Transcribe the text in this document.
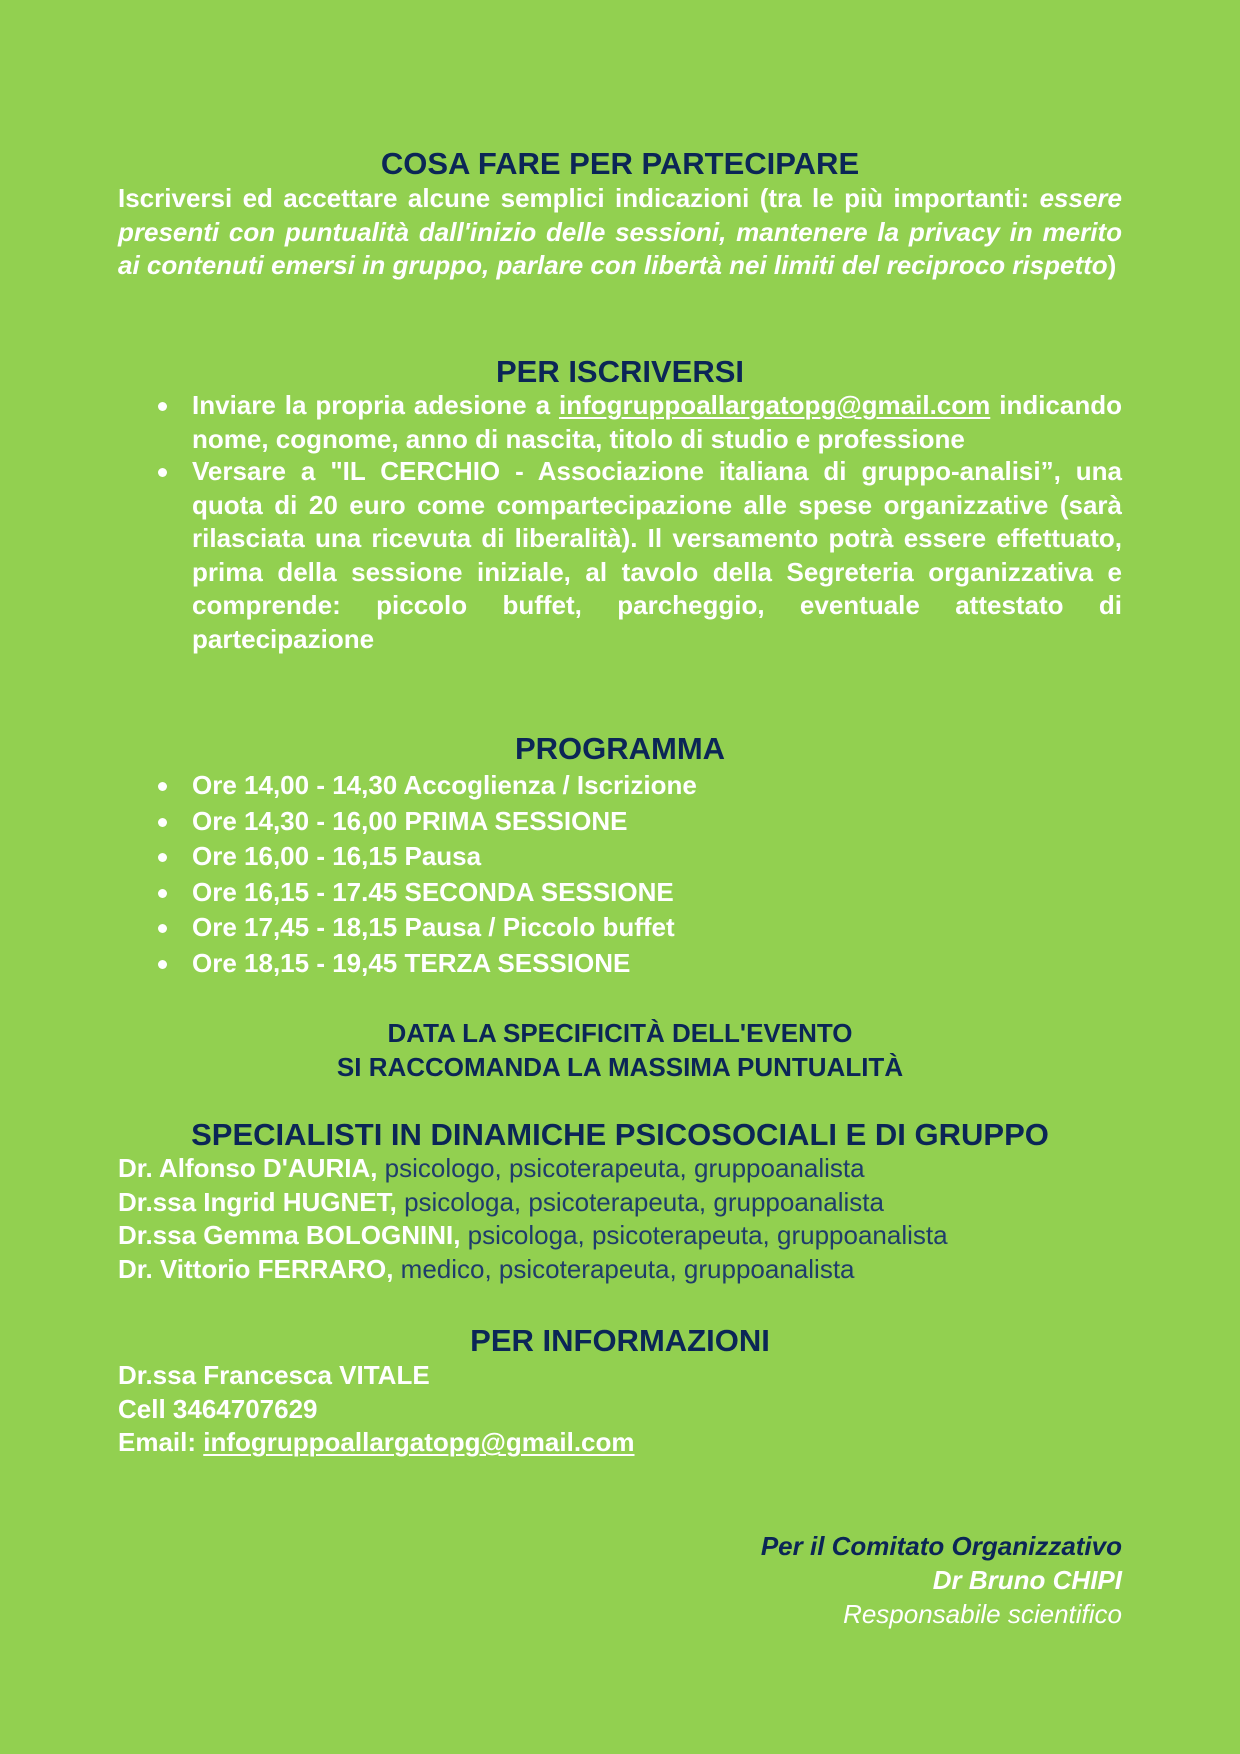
COSA FARE PER PARTECIPARE

Iscriversi ed accettare alcune semplici indicazioni (tra le più importanti: essere presenti con puntualità dall'inizio delle sessioni, mantenere la privacy in merito ai contenuti emersi in gruppo, parlare con libertà nei limiti del reciproco rispetto)

PER ISCRIVERSI
Inviare la propria adesione a infogruppoallargatopg@gmail.com indicando nome, cognome, anno di nascita, titolo di studio e professione
Versare a "IL CERCHIO - Associazione italiana di gruppo-analisi”, una quota di 20 euro come compartecipazione alle spese organizzative (sarà rilasciata una ricevuta di liberalità). Il versamento potrà essere effettuato, prima della sessione iniziale, al tavolo della Segreteria organizzativa e comprende: piccolo buffet, parcheggio, eventuale attestato di partecipazione
PROGRAMMA
Ore 14,00 - 14,30 Accoglienza / Iscrizione
Ore 14,30 - 16,00 PRIMA SESSIONE
Ore 16,00 - 16,15 Pausa
Ore 16,15 - 17.45 SECONDA SESSIONE
Ore 17,45 - 18,15 Pausa / Piccolo buffet
Ore 18,15 - 19,45 TERZA SESSIONE

DATA LA SPECIFICITÀ DELL'EVENTO

SI RACCOMANDA LA MASSIMA PUNTUALITÀ

SPECIALISTI IN DINAMICHE PSICOSOCIALI E DI GRUPPO
Dr. Alfonso D'AURIA, psicologo, psicoterapeuta, gruppoanalista
Dr.ssa Ingrid HUGNET, psicologa, psicoterapeuta, gruppoanalista
Dr.ssa Gemma BOLOGNINI, psicologa, psicoterapeuta, gruppoanalista
Dr. Vittorio FERRARO, medico, psicoterapeuta, gruppoanalista
PER INFORMAZIONI
Dr.ssa Francesca VITALE
Cell 3464707629
Email: infogruppoallargatopg@gmail.com
Per il Comitato Organizzativo
Dr Bruno CHIPI
Responsabile scientifico
